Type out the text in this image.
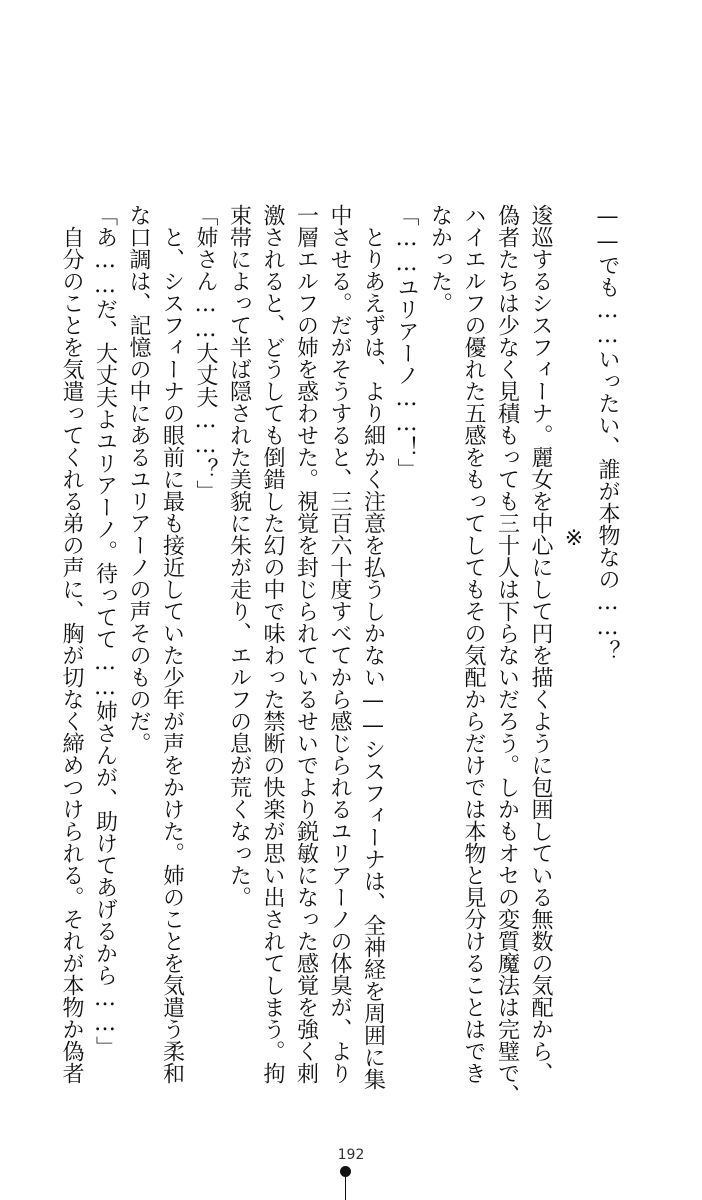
——でも……いったい、誰が本物なの……？
※
逡巡するシスフィーナ。麗女を中心にして円を描くように包囲している無数の気配から、
偽者たちは少なく見積もっても三十人は下らないだろう。しかもオセの変質魔法は完璧で、
ハイエルフの優れた五感をもってしてもその気配からだけでは本物と見分けることはでき
なかった。
「……ユリアーノ……！」
　とりあえずは、より細かく注意を払うしかない——シスフィーナは、全神経を周囲に集
中させる。だがそうすると、三百六十度すべてから感じられるユリアーノの体臭が、より
一層エルフの姉を惑わせた。視覚を封じられているせいでより鋭敏になった感覚を強く刺
激されると、どうしても倒錯した幻の中で味わった禁断の快楽が思い出されてしまう。拘
束帯によって半ば隠された美貌に朱が走り、エルフの息が荒くなった。
「姉さん……大丈夫……？」
　と、シスフィーナの眼前に最も接近していた少年が声をかけた。姉のことを気遣う柔和
な口調は、記憶の中にあるユリアーノの声そのものだ。
「あ……だ、大丈夫よユリアーノ。待ってて……姉さんが、助けてあげるから……」
　自分のことを気遣ってくれる弟の声に、胸が切なく締めつけられる。それが本物か偽者
192
